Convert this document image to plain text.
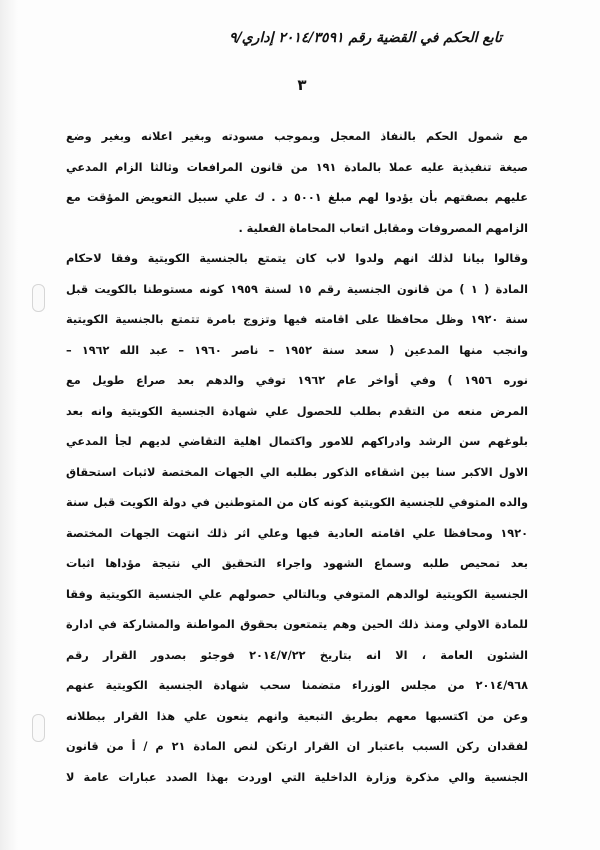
تابع الحكم في القضية رقم ٢٠١٤/٣٥٩١ إداري/٩
٣
مع شمول الحكم بالنفاذ المعجل وبموجب مسودته وبغير اعلانه وبغير وضع
صيغة تنفيذية عليه عملا بالمادة ١٩١ من قانون المرافعات وثالثا الزام المدعي
عليهم بصفتهم بأن يؤدوا لهم مبلغ ٥٠٠١ د . ك علي سبيل التعويض المؤقت مع
الزامهم المصروفات ومقابل اتعاب المحاماة الفعلية .
وقالوا بيانا لذلك انهم ولدوا لاب كان يتمتع بالجنسية الكويتية وفقا لاحكام
المادة ( ١ ) من قانون الجنسية رقم ١٥ لسنة ١٩٥٩ كونه مستوطنا بالكويت قبل
سنة ١٩٢٠ وظل محافظا على اقامته فيها وتزوج بامرة تتمتع بالجنسية الكويتية
وانجب منها المدعين ( سعد سنة ١٩٥٢ – ناصر ١٩٦٠ – عبد الله ١٩٦٢ –
نوره ١٩٥٦ ) وفي أواخر عام ١٩٦٢ توفي والدهم بعد صراع طويل مع
المرض منعه من التقدم بطلب للحصول علي شهادة الجنسية الكويتية وانه بعد
بلوغهم سن الرشد وادراكهم للامور واكتمال اهلية التقاضي لديهم لجأ المدعي
الاول الاكبر سنا بين اشقاءه الذكور بطلبه الي الجهات المختصة لاثبات استحقاق
والده المتوفي للجنسية الكويتية كونه كان من المتوطنين في دولة الكويت قبل سنة
١٩٢٠ ومحافظا علي اقامته العادية فيها وعلي اثر ذلك انتهت الجهات المختصة
بعد تمحيص طلبه وسماع الشهود واجراء التحقيق الي نتيجة مؤداها اثبات
الجنسية الكويتية لوالدهم المتوفي وبالتالي حصولهم علي الجنسية الكويتية وفقا
للمادة الاولي ومنذ ذلك الحين وهم يتمتعون بحقوق المواطنة والمشاركة في ادارة
الشئون العامة ، الا انه بتاريخ ٢٠١٤/٧/٢٢ فوجئو بصدور القرار رقم
٢٠١٤/٩٦٨ من مجلس الوزراء متضمنا سحب شهادة الجنسية الكويتية عنهم
وعن من اكتسبها معهم بطريق التبعية وانهم ينعون علي هذا القرار ببطلانه
لفقدان ركن السبب باعتبار ان القرار ارتكن لنص المادة ٢١ م / أ من قانون
الجنسية والي مذكرة وزارة الداخلية التي اوردت بهذا الصدد عبارات عامة لا
